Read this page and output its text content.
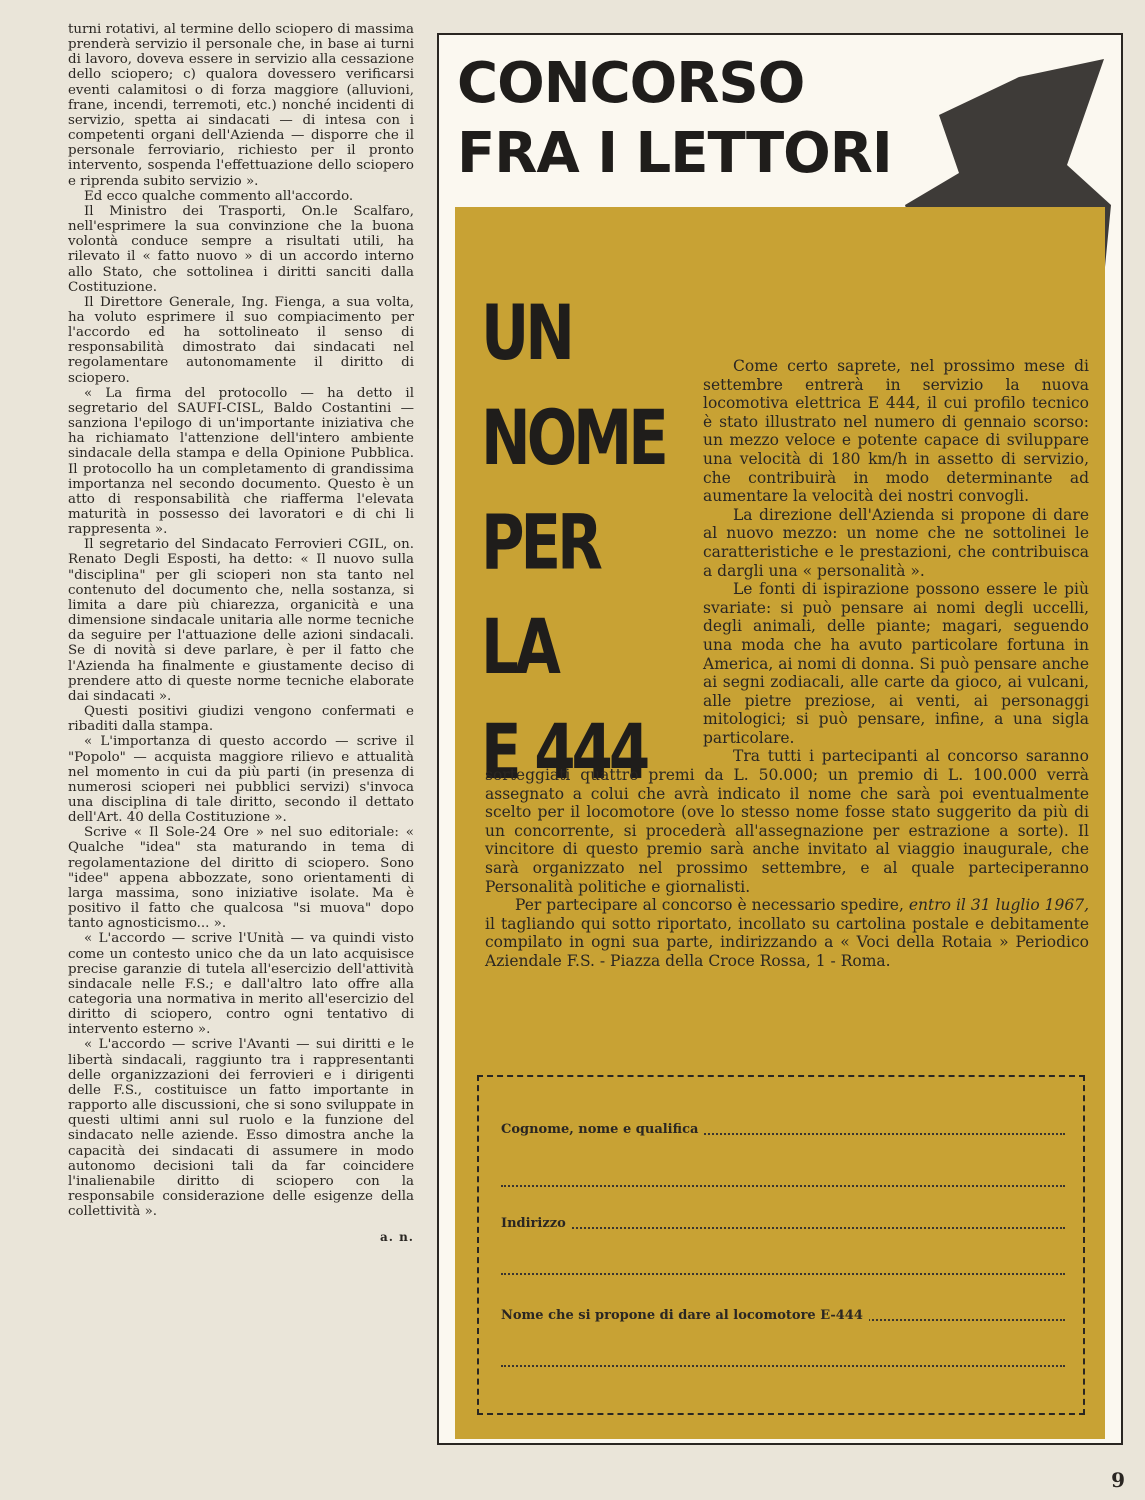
turni rotativi, al termine dello sciopero di massima prenderà servizio il personale che, in base ai turni di lavoro, doveva essere in servizio alla cessazione dello sciopero; c) qualora dovessero verificarsi eventi calamitosi o di forza maggiore (alluvioni, frane, incendi, terremoti, etc.) nonché incidenti di servizio, spetta ai sindacati — di intesa con i competenti organi dell'Azienda — disporre che il personale ferroviario, richiesto per il pronto intervento, sospenda l'effettuazione dello sciopero e riprenda subito servizio ».

Ed ecco qualche commento all'accordo.

Il Ministro dei Trasporti, On.le Scalfaro, nell'esprimere la sua convinzione che la buona volontà conduce sempre a risultati utili, ha rilevato il « fatto nuovo » di un accordo interno allo Stato, che sottolinea i diritti sanciti dalla Costituzione.

Il Direttore Generale, Ing. Fienga, a sua volta, ha voluto esprimere il suo compiacimento per l'accordo ed ha sottolineato il senso di responsabilità dimostrato dai sindacati nel regolamentare autonomamente il diritto di sciopero.

« La firma del protocollo — ha detto il segretario del SAUFI-CISL, Baldo Costantini — sanziona l'epilogo di un'importante iniziativa che ha richiamato l'attenzione dell'intero ambiente sindacale della stampa e della Opinione Pubblica. Il protocollo ha un completamento di grandissima importanza nel secondo documento. Questo è un atto di responsabilità che riafferma l'elevata maturità in possesso dei lavoratori e di chi li rappresenta ».

Il segretario del Sindacato Ferrovieri CGIL, on. Renato Degli Esposti, ha detto: « Il nuovo sulla "disciplina" per gli scioperi non sta tanto nel contenuto del documento che, nella sostanza, si limita a dare più chiarezza, organicità e una dimensione sindacale unitaria alle norme tecniche da seguire per l'attuazione delle azioni sindacali. Se di novità si deve parlare, è per il fatto che l'Azienda ha finalmente e giustamente deciso di prendere atto di queste norme tecniche elaborate dai sindacati ».

Questi positivi giudizi vengono confermati e ribaditi dalla stampa.

« L'importanza di questo accordo — scrive il "Popolo" — acquista maggiore rilievo e attualità nel momento in cui da più parti (in presenza di numerosi scioperi nei pubblici servizi) s'invoca una disciplina di tale diritto, secondo il dettato dell'Art. 40 della Costituzione ».

Scrive « Il Sole-24 Ore » nel suo editoriale: « Qualche "idea" sta maturando in tema di regolamentazione del diritto di sciopero. Sono "idee" appena abbozzate, sono orientamenti di larga massima, sono iniziative isolate. Ma è positivo il fatto che qualcosa "si muova" dopo tanto agnosticismo... ».

« L'accordo — scrive l'Unità — va quindi visto come un contesto unico che da un lato acquisisce precise garanzie di tutela all'esercizio dell'attività sindacale nelle F.S.; e dall'altro lato offre alla categoria una normativa in merito all'esercizio del diritto di sciopero, contro ogni tentativo di intervento esterno ».

« L'accordo — scrive l'Avanti — sui diritti e le libertà sindacali, raggiunto tra i rappresentanti delle organizzazioni dei ferrovieri e i dirigenti delle F.S., costituisce un fatto importante in rapporto alle discussioni, che si sono sviluppate in questi ultimi anni sul ruolo e la funzione del sindacato nelle aziende. Esso dimostra anche la capacità dei sindacati di assumere in modo autonomo decisioni tali da far coincidere l'inalienabile diritto di sciopero con la responsabile considerazione delle esigenze della collettività ».

a. n.
CONCORSO
FRA I LETTORI
UN
NOME
PER
LA
E 444

Come certo saprete, nel prossimo mese di settembre entrerà in servizio la nuova locomotiva elettrica E 444, il cui profilo tecnico è stato illustrato nel numero di gennaio scorso: un mezzo veloce e potente capace di sviluppare una velocità di 180 km/h in assetto di servizio, che contribuirà in modo determinante ad aumentare la velocità dei nostri convogli.

La direzione dell'Azienda si propone di dare al nuovo mezzo: un nome che ne sottolinei le caratteristiche e le prestazioni, che contribuisca a dargli una « personalità ».

Le fonti di ispirazione possono essere le più svariate: si può pensare ai nomi degli uccelli, degli animali, delle piante; magari, seguendo una moda che ha avuto particolare fortuna in America, ai nomi di donna. Si può pensare anche ai segni zodiacali, alle carte da gioco, ai vulcani, alle pietre preziose, ai venti, ai personaggi mitologici; si può pensare, infine, a una sigla particolare.

Tra tutti i partecipanti al concorso saranno sorteggiati quattro premi da L. 50.000; un premio di L. 100.000 verrà assegnato a colui che avrà indicato il nome che sarà poi eventualmente scelto per il locomotore (ove lo stesso nome fosse stato suggerito da più di un concorrente, si procederà all'assegnazione per estrazione a sorte). Il vincitore di questo premio sarà anche invitato al viaggio inaugurale, che sarà organizzato nel prossimo settembre, e al quale parteciperanno Personalità politiche e giornalisti.

Per partecipare al concorso è necessario spedire, entro il 31 luglio 1967, il tagliando qui sotto riportato, incollato su cartolina postale e debitamente compilato in ogni sua parte, indirizzando a « Voci della Rotaia » Periodico Aziendale F.S. - Piazza della Croce Rossa, 1 - Roma.

Cognome, nome e qualifica
Indirizzo
Nome che si propone di dare al locomotore E-444
9
